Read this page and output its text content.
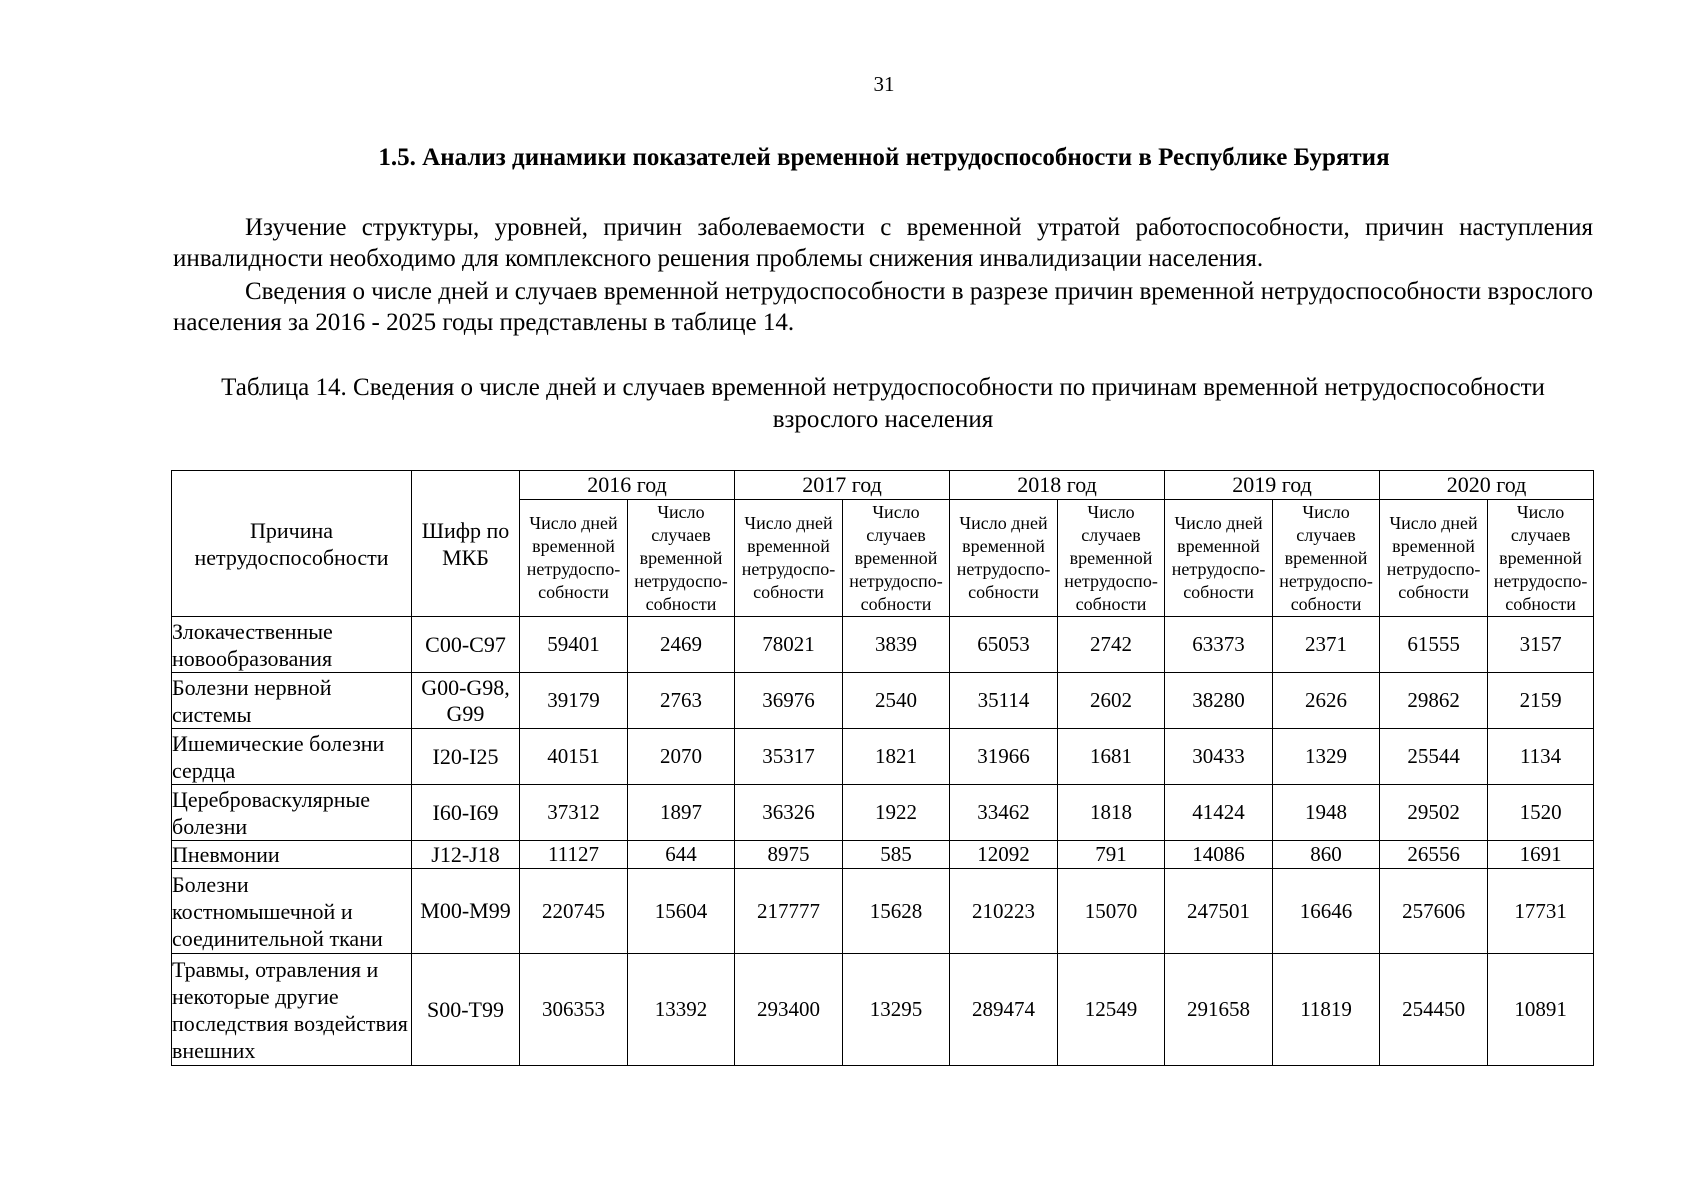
31
1.5. Анализ динамики показателей временной нетрудоспособности в Республике Бурятия
Изучение структуры, уровней, причин заболеваемости с временной утратой работоспособности, причин наступления инвалидности необходимо для комплексного решения проблемы снижения инвалидизации населения.
Сведения о числе дней и случаев временной нетрудоспособности в разрезе причин временной нетрудоспособности взрослого населения за 2016 - 2025 годы представлены в таблице 14.
Таблица 14. Сведения о числе дней и случаев временной нетрудоспособности по причинам временной нетрудоспособности взрослого населения
Причина нетрудоспособности	Шифр по МКБ	2016 год		2017 год		2018 год		2019 год		2020 год	
		Число дней временной нетрудоспо-собности	Число случаев временной нетрудоспо-собности	Число дней временной нетрудоспо-собности	Число случаев временной нетрудоспо-собности	Число дней временной нетрудоспо-собности	Число случаев временной нетрудоспо-собности	Число дней временной нетрудоспо-собности	Число случаев временной нетрудоспо-собности	Число дней временной нетрудоспо-собности	Число случаев временной нетрудоспо-собности
Злокачественные новообразования	C00-C97	59401	2469	78021	3839	65053	2742	63373	2371	61555	3157
Болезни нервной системы	G00-G98, G99	39179	2763	36976	2540	35114	2602	38280	2626	29862	2159
Ишемические болезни сердца	I20-I25	40151	2070	35317	1821	31966	1681	30433	1329	25544	1134
Цереброваскулярные болезни	I60-I69	37312	1897	36326	1922	33462	1818	41424	1948	29502	1520
Пневмонии	J12-J18	11127	644	8975	585	12092	791	14086	860	26556	1691
Болезни костномышечной и соединительной ткани	M00-M99	220745	15604	217777	15628	210223	15070	247501	16646	257606	17731
Травмы, отравления и некоторые другие последствия воздействия внешних	S00-T99	306353	13392	293400	13295	289474	12549	291658	11819	254450	10891
